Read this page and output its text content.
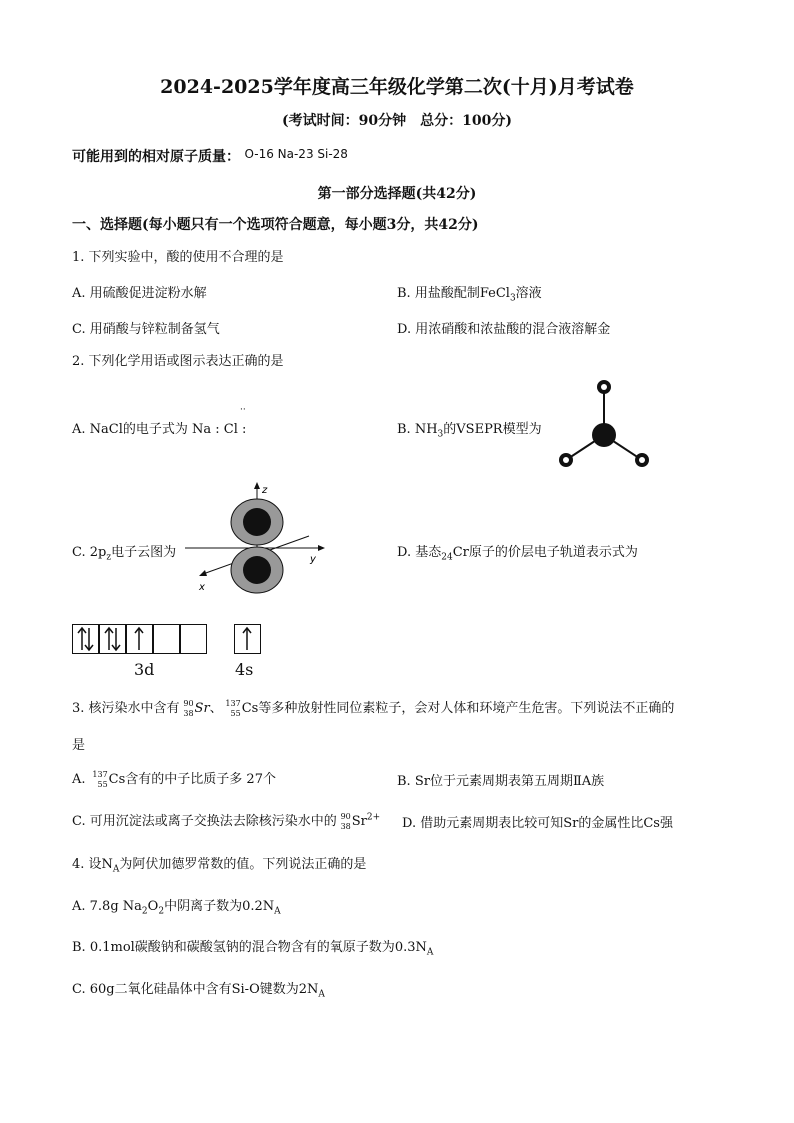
2024-2025学年度高三年级化学第二次(十月)月考试卷
(考试时间：90分钟　总分：100分)
可能用到的相对原子质量： O-16 Na-23 Si-28
第一部分选择题(共42分)
一、选择题(每小题只有一个选项符合题意，每小题3分，共42分)
1. 下列实验中，酸的使用不合理的是
A. 用硫酸促进淀粉水解	B. 用盐酸配制FeCl$_3$溶液
C. 用硝酸与锌粒制备氢气	D. 用浓硝酸和浓盐酸的混合液溶解金
2. 下列化学用语或图示表达正确的是
A. NaCl的电子式为 Na : Cl :
··
B. $NH_3$的VSEPR模型为
C. $2p_z$电子云图为
z
y
x
D. 基态$_{24}$Cr原子的价层电子轨道表示式为
3d	4s
3. 核污染水中含有 90
38 Sr、 137
55 Cs等多种放射性同位素粒子，会对人体和环境产生危害。下列说法不正确的
是
A. 137
55 Cs含有的中子比质子多 27个	B. Sr位于元素周期表第五周期ⅡA族
C. 可用沉淀法或离子交换法去除核污染水中的 90
38 $Sr^{2+}$ D. 借助元素周期表比较可知Sr的金属性比Cs强
4. 设$N_A$为阿伏加德罗常数的值。下列说法正确的是
A. 7.8g $Na_2O_2$中阴离子数为$0.2N_A$
B. 0.1mol碳酸钠和碳酸氢钠的混合物含有的氧原子数为$0.3N_A$
C. 60g二氧化硅晶体中含有Si-O键数为$2N_A$
